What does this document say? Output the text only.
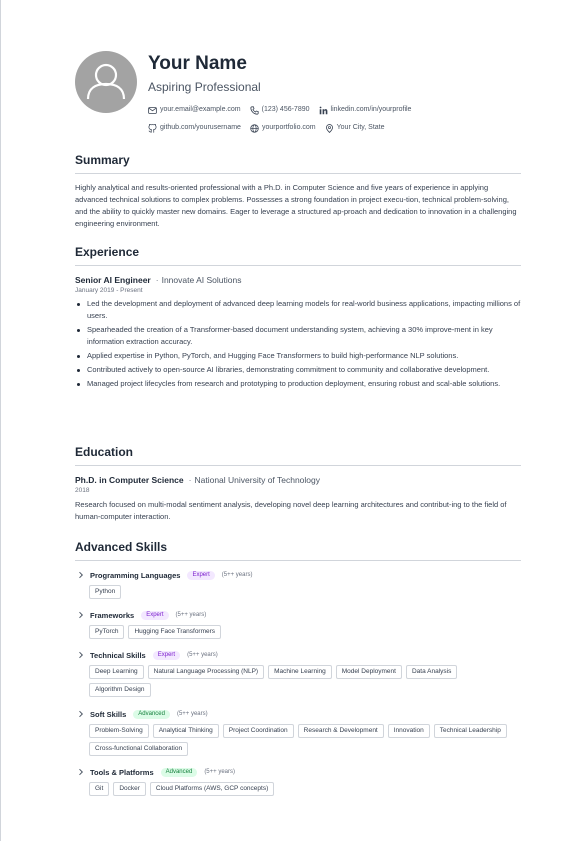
Your Name
Aspiring Professional
your.email@example.com	(123) 456-7890	linkedin.com/in/yourprofile
github.com/yourusername	yourportfolio.com	Your City, State
Summary

Highly analytical and results-oriented professional with a Ph.D. in Computer Science and five years of experience in applying advanced technical solutions to complex problems. Possesses a strong foundation in project execu-tion, technical problem-solving, and the ability to quickly master new domains. Eager to leverage a structured ap-proach and dedication to innovation in a challenging engineering environment.

Experience
Senior AI Engineer · Innovate AI Solutions
January 2019 - Present
Led the development and deployment of advanced deep learning models for real-world business applications, impacting millions of users.
Spearheaded the creation of a Transformer-based document understanding system, achieving a 30% improve-ment in key information extraction accuracy.
Applied expertise in Python, PyTorch, and Hugging Face Transformers to build high-performance NLP solutions.
Contributed actively to open-source AI libraries, demonstrating commitment to community and collaborative development.
Managed project lifecycles from research and prototyping to production deployment, ensuring robust and scal-able solutions.
Education
Ph.D. in Computer Science · National University of Technology
2018

Research focused on multi-modal sentiment analysis, developing novel deep learning architectures and contribut-ing to the field of human-computer interaction.

Advanced Skills
Programming Languages	Expert	(5++ years)
Python
Frameworks	Expert	(5++ years)
PyTorch	Hugging Face Transformers
Technical Skills	Expert	(5++ years)
Deep Learning	Natural Language Processing (NLP)	Machine Learning	Model Deployment	Data Analysis
Algorithm Design
Soft Skills	Advanced	(5++ years)
Problem-Solving	Analytical Thinking	Project Coordination	Research & Development	Innovation	Technical Leadership
Cross-functional Collaboration
Tools & Platforms	Advanced	(5++ years)
Git	Docker	Cloud Platforms (AWS, GCP concepts)
